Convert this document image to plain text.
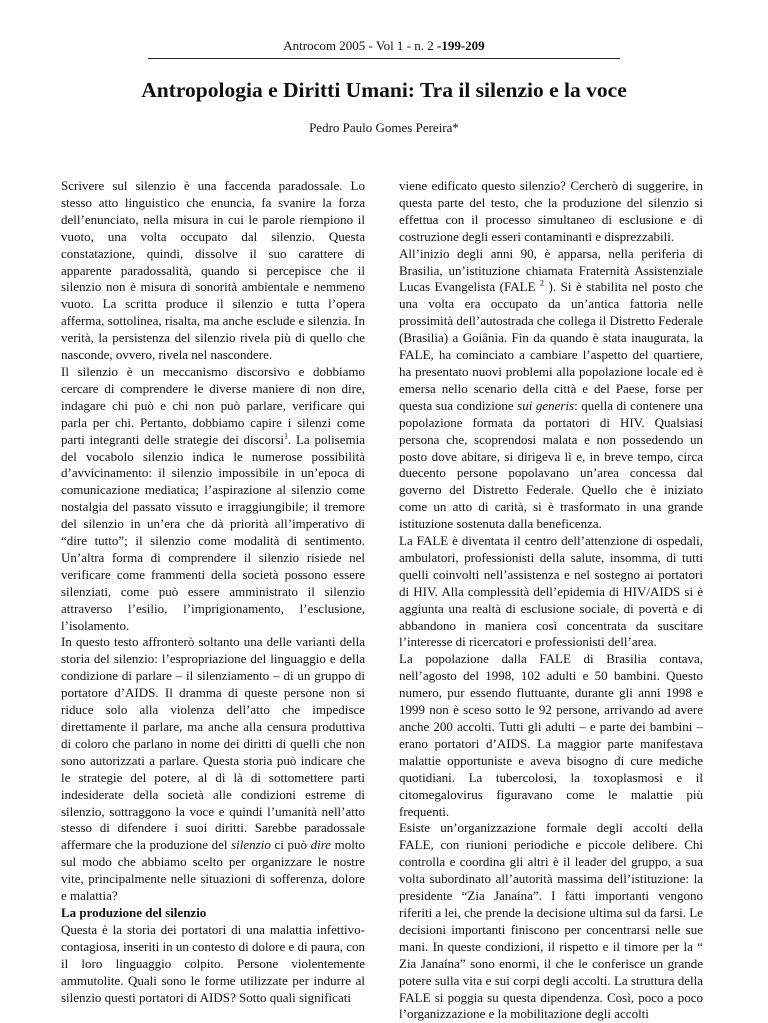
Antrocom 2005 - Vol 1 - n. 2 -199-209
Antropologia e Diritti Umani: Tra il silenzio e la voce
Pedro Paulo Gomes Pereira*

Scrivere sul silenzio è una faccenda paradossale. Lo stesso atto linguistico che enuncia, fa svanire la forza dell’enunciato, nella misura in cui le parole riempiono il vuoto, una volta occupato dal silenzio. Questa constatazione, quindi, dissolve il suo carattere di apparente paradossalità, quando si percepisce che il silenzio non è misura di sonorità ambientale e nemmeno vuoto. La scritta produce il silenzio e tutta l’opera afferma, sottolinea, risalta, ma anche esclude e silenzia. In verità, la persistenza del silenzio rivela più di quello che nasconde, ovvero, rivela nel nascondere.

Il silenzio è un meccanismo discorsivo e dobbiamo cercare di comprendere le diverse maniere di non dire, indagare chi può e chi non può parlare, verificare qui parla per chi. Pertanto, dobbiamo capire i silenzi come parti integranti delle strategie dei discorsi$^1$. La polisemia del vocabolo silenzio indica le numerose possibilità d’avvicinamento: il silenzio impossibile in un’epoca di comunicazione mediatica; l’aspirazione al silenzio come nostalgia del passato vissuto e irraggiungibile; il tremore del silenzio in un’era che dà priorità all’imperativo di “dire tutto”; il silenzio come modalità di sentimento. Un’altra forma di comprendere il silenzio risiede nel verificare come frammenti della società possono essere silenziati, come può essere amministrato il silenzio attraverso l’esilio, l’imprigionamento, l’esclusione, l’isolamento.

In questo testo affronterò soltanto una delle varianti della storia del silenzio: l’espropriazione del linguaggio e della condizione di parlare – il silenziamento – di un gruppo di portatore d’AIDS. Il dramma di queste persone non si riduce solo alla violenza dell’atto che impedisce direttamente il parlare, ma anche alla censura produttiva di coloro che parlano in nome dei diritti di quelli che non sono autorizzati a parlare. Questa storia può indicare che le strategie del potere, al di là di sottomettere parti indesiderate della società alle condizioni estreme di silenzio, sottraggono la voce e quindi l’umanità nell’atto stesso di difendere i suoi diritti. Sarebbe paradossale affermare che la produzione del silenzio ci può dire molto sul modo che abbiamo scelto per organizzare le nostre vite, principalmente nelle situazioni di sofferenza, dolore e malattia?

La produzione del silenzio

Questa è la storia dei portatori di una malattia infettivo-contagiosa, inseriti in un contesto di dolore e di paura, con il loro linguaggio colpito. Persone violentemente ammutolite. Quali sono le forme utilizzate per indurre al silenzio questi portatori di AIDS? Sotto quali significati

viene edificato questo silenzio? Cercherò di suggerire, in questa parte del testo, che la produzione del silenzio si effettua con il processo simultaneo di esclusione e di costruzione degli esseri contaminanti e disprezzabili.

All’inizio degli anni 90, è apparsa, nella periferia di Brasilia, un’istituzione chiamata Fraternità Assistenziale Lucas Evangelista (FALE $^2$ ). Si è stabilita nel posto che una volta era occupato da un’antica fattoria nelle prossimità dell’autostrada che collega il Distretto Federale (Brasilia) a Goiânia. Fin da quando è stata inaugurata, la FALE, ha cominciato a cambiare l’aspetto del quartiere, ha presentato nuovi problemi alla popolazione locale ed è emersa nello scenario della città e del Paese, forse per questa sua condizione sui generis: quella di contenere una popolazione formata da portatori di HIV. Qualsiasi persona che, scoprendosi malata e non possedendo un posto dove abitare, si dirigeva lì e, in breve tempo, circa duecento persone popolavano un’area concessa dal governo del Distretto Federale. Quello che è iniziato come un atto di carità, si è trasformato in una grande istituzione sostenuta dalla beneficenza.

La FALE è diventata il centro dell’attenzione di ospedali, ambulatori, professionisti della salute, insomma, di tutti quelli coinvolti nell’assistenza e nel sostegno ai portatori di HIV. Alla complessità dell’epidemia di HIV/AIDS si è aggiunta una realtà di esclusione sociale, di povertà e di abbandono in maniera così concentrata da suscitare l’interesse di ricercatori e professionisti dell’area.

La popolazione dalla FALE di Brasilia contava, nell’agosto del 1998, 102 adulti e 50 bambini. Questo numero, pur essendo fluttuante, durante gli anni 1998 e 1999 non è sceso sotto le 92 persone, arrivando ad avere anche 200 accolti. Tutti gli adulti – e parte dei bambini – erano portatori d’AIDS. La maggior parte manifestava malattie opportuniste e aveva bisogno di cure mediche quotidiani. La tubercolosi, la toxoplasmosi e il citomegalovirus figuravano come le malattie più frequenti.

Esiste un’organizzazione formale degli accolti della FALE, con riunioni periodiche e piccole delibere. Chi controlla e coordina gli altri è il leader del gruppo, a sua volta subordinato all’autorità massima dell’istituzione: la presidente “Zia Janaína”. I fatti importanti vengono riferiti a lei, che prende la decisione ultima sul da farsi. Le decisioni importanti finiscono per concentrarsi nelle sue mani. In queste condizioni, il rispetto e il timore per la “ Zia Janaína” sono enormi, il che le conferisce un grande potere sulla vita e sui corpi degli accolti. La struttura della FALE si poggia su questa dipendenza. Così, poco a poco l’organizzazione e la mobilitazione degli accolti
